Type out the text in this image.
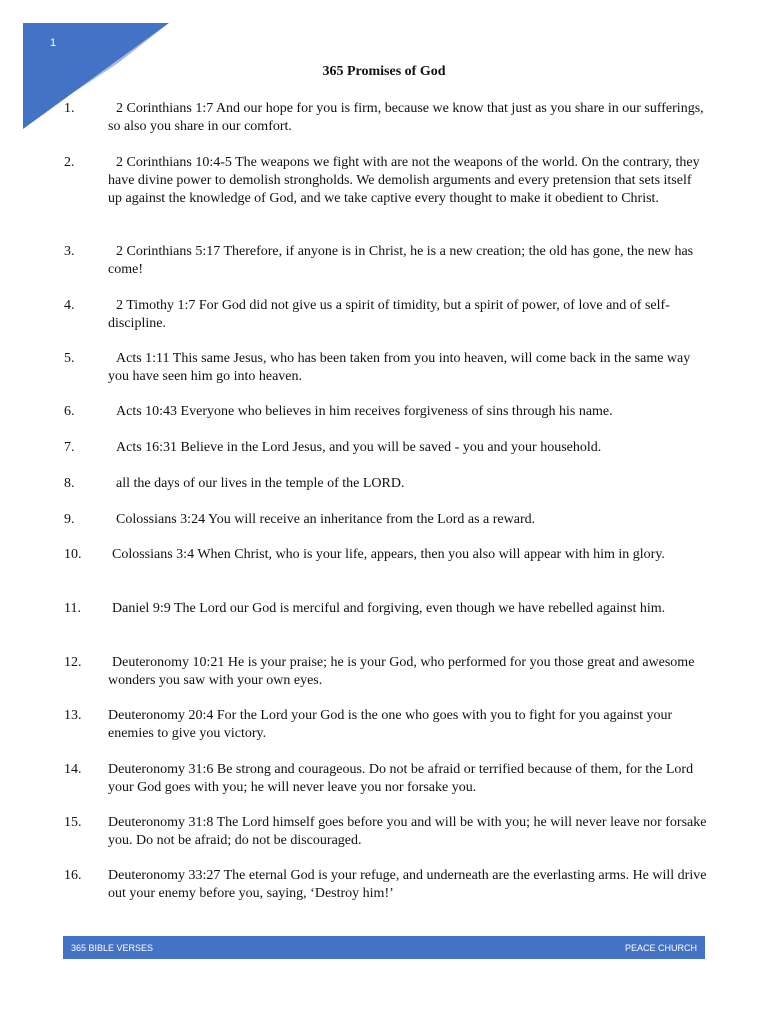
1
365 Promises of God
1.	2 Corinthians 1:7 And our hope for you is firm, because we know that just as you share in our sufferings, so also you share in our comfort.
2.	2 Corinthians 10:4-5 The weapons we fight with are not the weapons of the world. On the contrary, they have divine power to demolish strongholds. We demolish arguments and every pretension that sets itself up against the knowledge of God, and we take captive every thought to make it obedient to Christ.
3.	2 Corinthians 5:17 Therefore, if anyone is in Christ, he is a new creation; the old has gone, the new has come!
4.	2 Timothy 1:7 For God did not give us a spirit of timidity, but a spirit of power, of love and of self-discipline.
5.	Acts 1:11 This same Jesus, who has been taken from you into heaven, will come back in the same way you have seen him go into heaven.
6.	Acts 10:43 Everyone who believes in him receives forgiveness of sins through his name.
7.	Acts 16:31 Believe in the Lord Jesus, and you will be saved - you and your household.
8.	all the days of our lives in the temple of the LORD.
9.	Colossians 3:24 You will receive an inheritance from the Lord as a reward.
10. Colossians 3:4 When Christ, who is your life, appears, then you also will appear with him in glory.
11. Daniel 9:9 The Lord our God is merciful and forgiving, even though we have rebelled against him.
12. Deuteronomy 10:21 He is your praise; he is your God, who performed for you those great and awesome wonders you saw with your own eyes.
13. Deuteronomy 20:4 For the Lord your God is the one who goes with you to fight for you against your enemies to give you victory.
14. Deuteronomy 31:6 Be strong and courageous. Do not be afraid or terrified because of them, for the Lord your God goes with you; he will never leave you nor forsake you.
15. Deuteronomy 31:8 The Lord himself goes before you and will be with you; he will never leave nor forsake you. Do not be afraid; do not be discouraged.
16. Deuteronomy 33:27 The eternal God is your refuge, and underneath are the everlasting arms. He will drive out your enemy before you, saying, ‘Destroy him!’
365 BIBLE VERSES	PEACE CHURCH
